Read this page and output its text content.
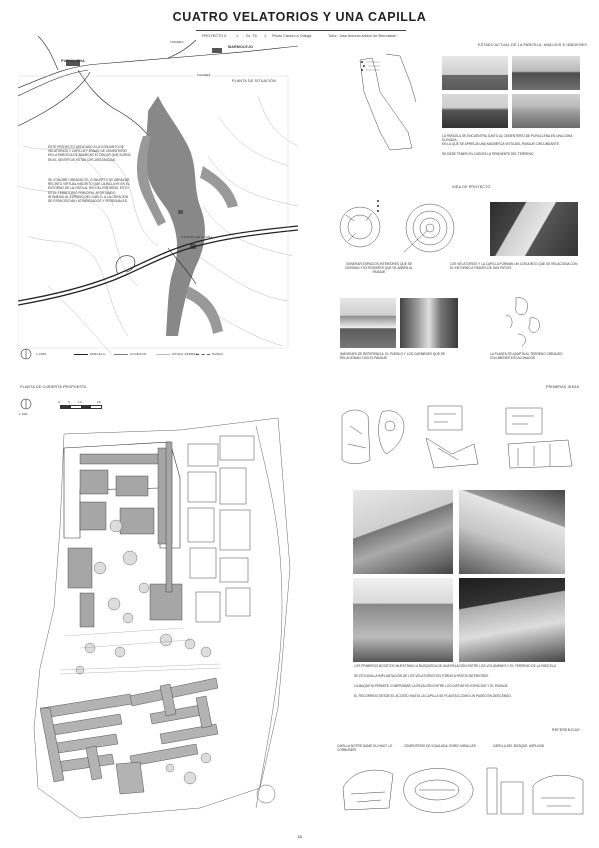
CUATRO VELATORIOS Y UNA CAPILLA
PROYECTO 6	1 2o. T5 1 Pedro Carazo a Ortega	Tutor: José Antonio Arbizu de Berrotaran
TORRES
MARMOLEJO
PURULLENA
TORREZ
CANTOR DE ARAÑA
PLANTA DE SITUACIÓN
ESTE PROYECTO DEDICADO A LA CONJUNTO DE VELATORIOS Y CAPILLA Y ZONAS DE CEMENTERIO EN LA PARCELA DE ABARCAR EL DOLOR QUE SURGE EN EL SENTIR DE ESTAS CIRCUNSTANCIAS.
SE CONCIBE CREANDO EL CONCEPTO DE ABRAZAR, RECINTO VIRTUAL INSCRITO QUE LA INCLUYE EN EL ENTORNO DE LA VISTA AL RIO DEL ENTORNO. ESTO ES EL TERRITORIO PRINCIPAL APORTANDO INTIMIDAD AL ESPACIO DEL DUELO. A LA CREACIÓN DE ESPACIOS MUY ATRAVESADOS Y PERSONALES.
1:2000	PARCELA	ACCESOS	ZONAS VERDES	PASEO
ESTADO ACTUAL DE LA PARCELA. ANÁLISIS E IMÁGENES
LA PARCELA SE ENCUENTRA JUNTO AL CEMENTERIO DE PURULLENA EN UNA ZONA ELEVADA,
EN LA QUE SE APRECIA UNA MAGNÍFICA VISTA DEL PAISAJE CIRCUNDANTE.
SE DEBE TENER EN CUENTA LA PENDIENTE DEL TERRENO
IDEA DE PROYECTO
GENERAR ESPACIOS INTERIORES QUE SE CIERRAN Y EXTERIORES QUE SE ABREN AL PAISAJE
LOS VELATORIOS Y LA CAPILLA FORMAN UN CONJUNTO QUE SE RELACIONA CON EL ENTORNO A TRAVÉS DE SUS PATIOS
IMÁGENES DE REFERENCIA. EL PUEBLO Y LOS CARMENES QUE SE RELACIONAN CON EL PAISAJE
LA PLANTA SE ADAPTA AL TERRENO CREANDO VOLUMENES ESCALONADOS
PLANTA DE CUBIERTA PROPUESTA
1:500
0	5	10	20
PRIMERAS IDEAS
LOS PRIMEROS BOCETOS MUESTRAN LA BÚSQUEDA DE UNA RELACIÓN ENTRE LOS VOLÚMENES Y EL TERRENO DE LA PARCELA.
SE ESTUDIA LA IMPLANTACIÓN DE LOS VELATORIOS EN TORNO A PATIOS INTERIORES.
LA MAQUETA PERMITE COMPROBAR LA RELACIÓN ENTRE LOS DISTINTOS ESPACIOS Y EL PAISAJE.
EL RECORRIDO DESDE EL ACCESO HASTA LA CAPILLA SE PLANTEA COMO UN PASEO EN DESCENSO.
REFERENCIAS
CAPILLA NOTRE DAME DU HAUT. LE CORBUSIER
CEMENTERIO DE IGUALADA. ENRIC MIRALLES	CAPILLA DEL BOSQUE. ASPLUND
18
